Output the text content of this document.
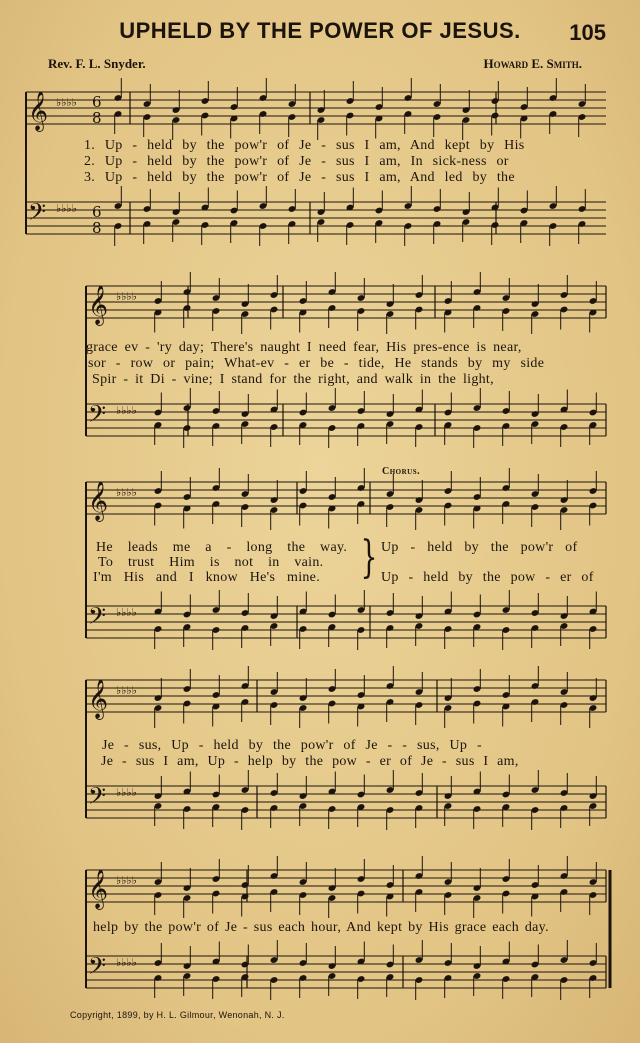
UPHELD BY THE POWER OF JESUS.	105
Rev. F. L. Snyder.	Howard E. Smith.
𝄞
𝄢
♭♭♭♭
♭♭♭♭
6
8
6
8
𝄞
𝄢
♭♭♭♭
♭♭♭♭
𝄞
𝄢
♭♭♭♭
♭♭♭♭
𝄞
𝄢
♭♭♭♭
♭♭♭♭
𝄞
𝄢
♭♭♭♭
♭♭♭♭
1. Up - held by the pow'r of Je - sus I am, And kept by His
2. Up - held by the pow'r of Je - sus I am, In sick-ness or
3. Up - held by the pow'r of Je - sus I am, And led by the
grace ev - 'ry day; There's naught I need fear, His pres-ence is near,
sor - row or pain; What-ev - er be - tide, He stands by my side
Spir - it Di - vine; I stand for the right, and walk in the light,
Chorus.
He leads me a - long the way.
To trust Him is not in vain.
I'm His and I know He's mine. } Up - held by the pow'r of
Up - held by the pow - er of
Je - sus, Up - held by the pow'r of Je - - sus, Up -
Je - sus I am, Up - help by the pow - er of Je - sus I am,
help by the pow'r of Je - sus each hour, And kept by His grace each day.
Copyright, 1899, by H. L. Gilmour, Wenonah, N. J.
